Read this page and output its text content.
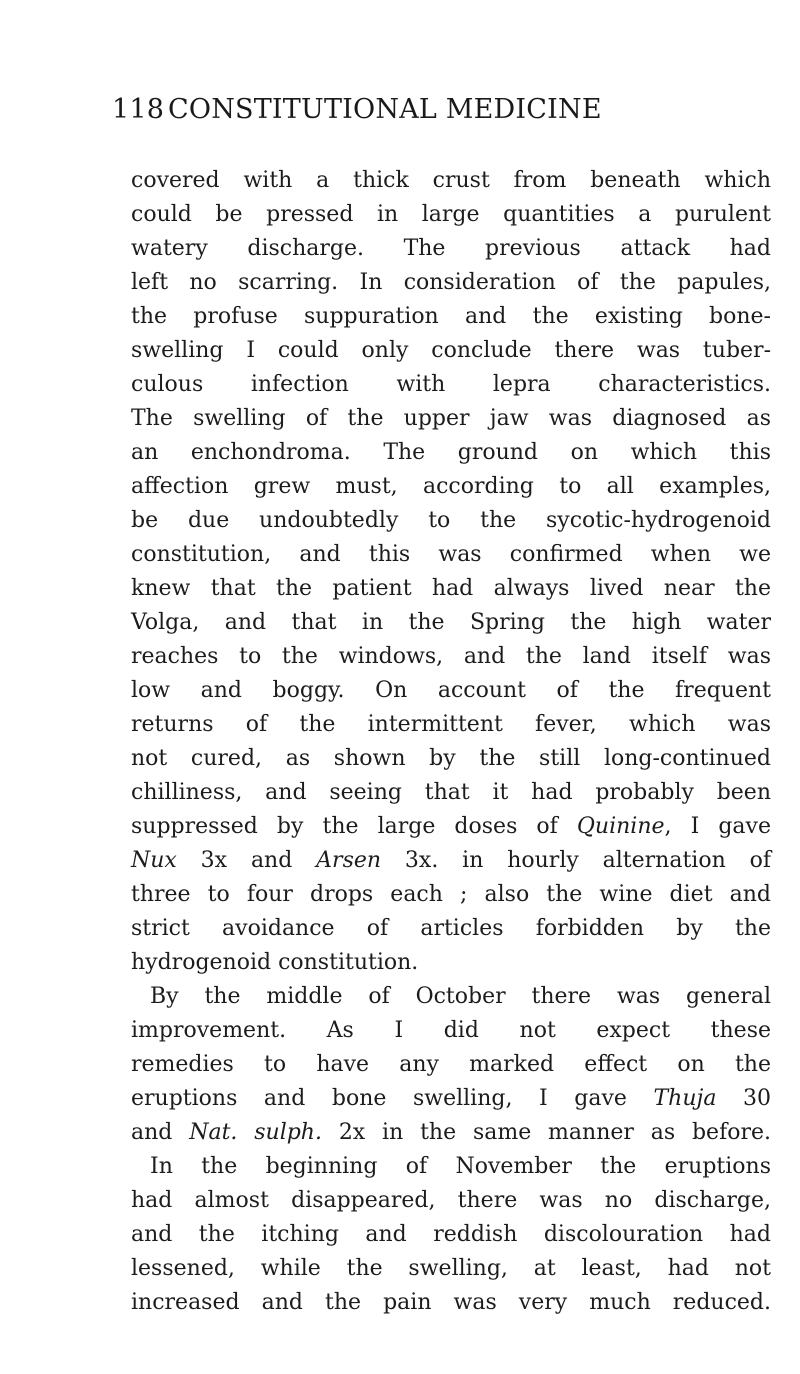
118 CONSTITUTIONAL MEDICINE
covered with a thick crust from beneath which
could be pressed in large quantities a purulent
watery discharge. The previous attack had
left no scarring. In consideration of the papules,
the profuse suppuration and the existing bone-
swelling I could only conclude there was tuber-
culous infection with lepra characteristics.
The swelling of the upper jaw was diagnosed as
an enchondroma. The ground on which this
affection grew must, according to all examples,
be due undoubtedly to the sycotic-hydrogenoid
constitution, and this was confirmed when we
knew that the patient had always lived near the
Volga, and that in the Spring the high water
reaches to the windows, and the land itself was
low and boggy. On account of the frequent
returns of the intermittent fever, which was
not cured, as shown by the still long-continued
chilliness, and seeing that it had probably been
suppressed by the large doses of Quinine, I gave
Nux 3x and Arsen 3x. in hourly alternation of
three to four drops each ; also the wine diet and
strict avoidance of articles forbidden by the
hydrogenoid constitution.
By the middle of October there was general
improvement. As I did not expect these
remedies to have any marked effect on the
eruptions and bone swelling, I gave Thuja 30
and Nat. sulph. 2x in the same manner as before.
In the beginning of November the eruptions
had almost disappeared, there was no discharge,
and the itching and reddish discolouration had
lessened, while the swelling, at least, had not
increased and the pain was very much reduced.
